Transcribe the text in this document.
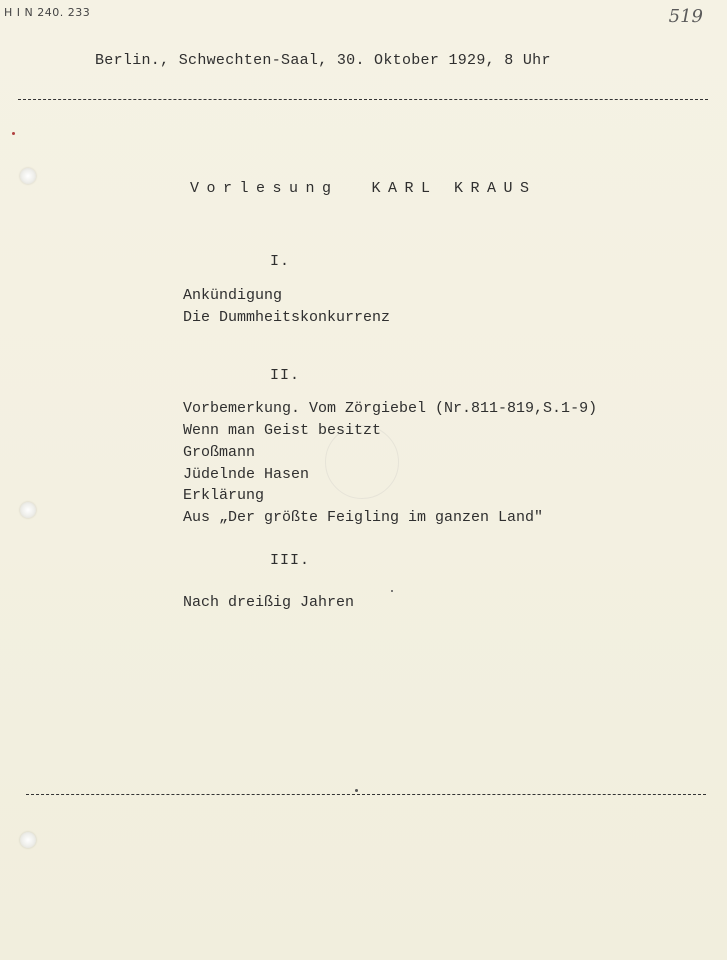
H I N 240. 233	519
Berlin., Schwechten-Saal, 30. Oktober 1929, 8 Uhr
Vorlesung  KARL KRAUS
I.
Ankündigung
Die Dummheitskonkurrenz
II.
Vorbemerkung. Vom Zörgiebel (Nr.811-819,S.1-9)
Wenn man Geist besitzt
Großmann
Jüdelnde Hasen
Erklärung
Aus „Der größte Feigling im ganzen Land"
III.
Nach dreißig Jahren
